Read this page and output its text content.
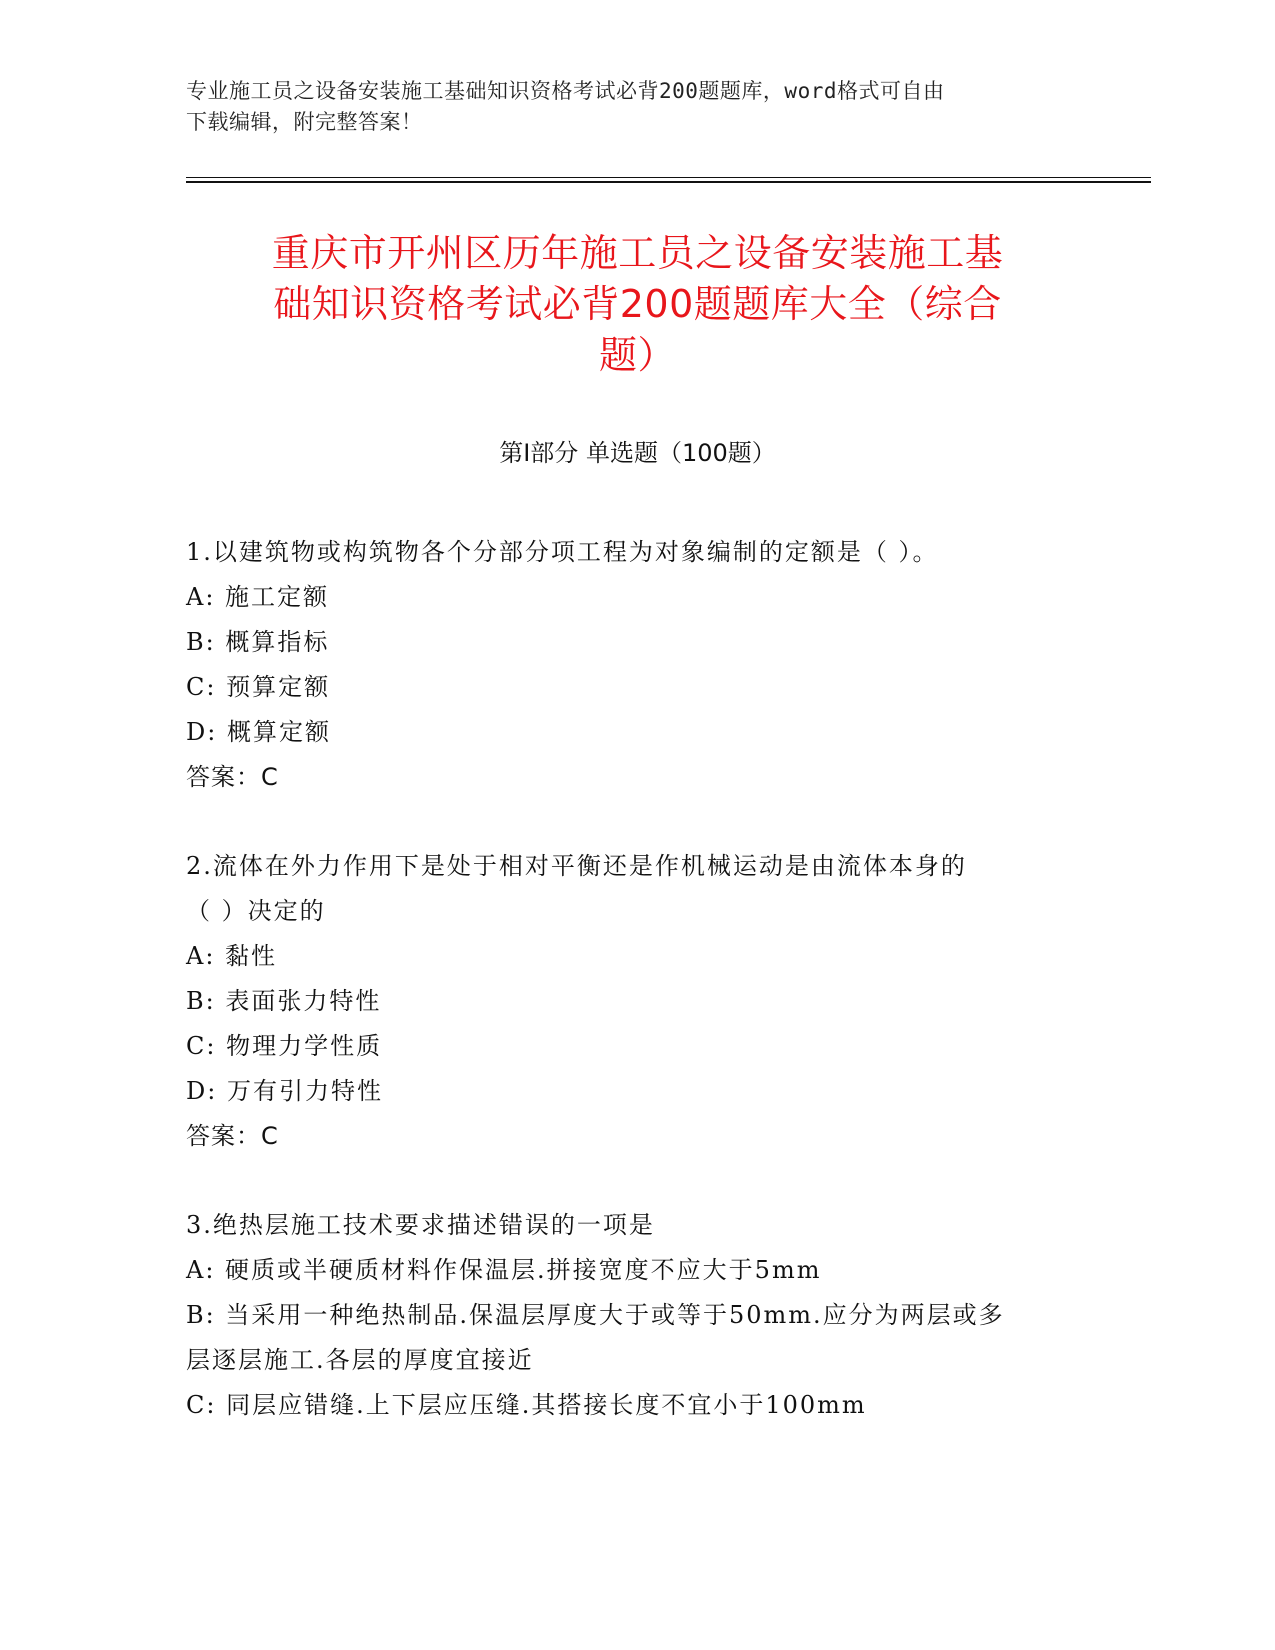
专业施工员之设备安装施工基础知识资格考试必背200题题库，word格式可自由
下载编辑，附完整答案！
重庆市开州区历年施工员之设备安装施工基
础知识资格考试必背200题题库大全（综合
题）
第Ⅰ部分 单选题（100题）
1.以建筑物或构筑物各个分部分项工程为对象编制的定额是（ ）。
A: 施工定额
B: 概算指标
C: 预算定额
D: 概算定额
答案：C
2.流体在外力作用下是处于相对平衡还是作机械运动是由流体本身的
（ ）决定的
A: 黏性
B: 表面张力特性
C: 物理力学性质
D: 万有引力特性
答案：C
3.绝热层施工技术要求描述错误的一项是
A: 硬质或半硬质材料作保温层.拼接宽度不应大于5mm
B: 当采用一种绝热制品.保温层厚度大于或等于50mm.应分为两层或多
层逐层施工.各层的厚度宜接近
C: 同层应错缝.上下层应压缝.其搭接长度不宜小于100mm
